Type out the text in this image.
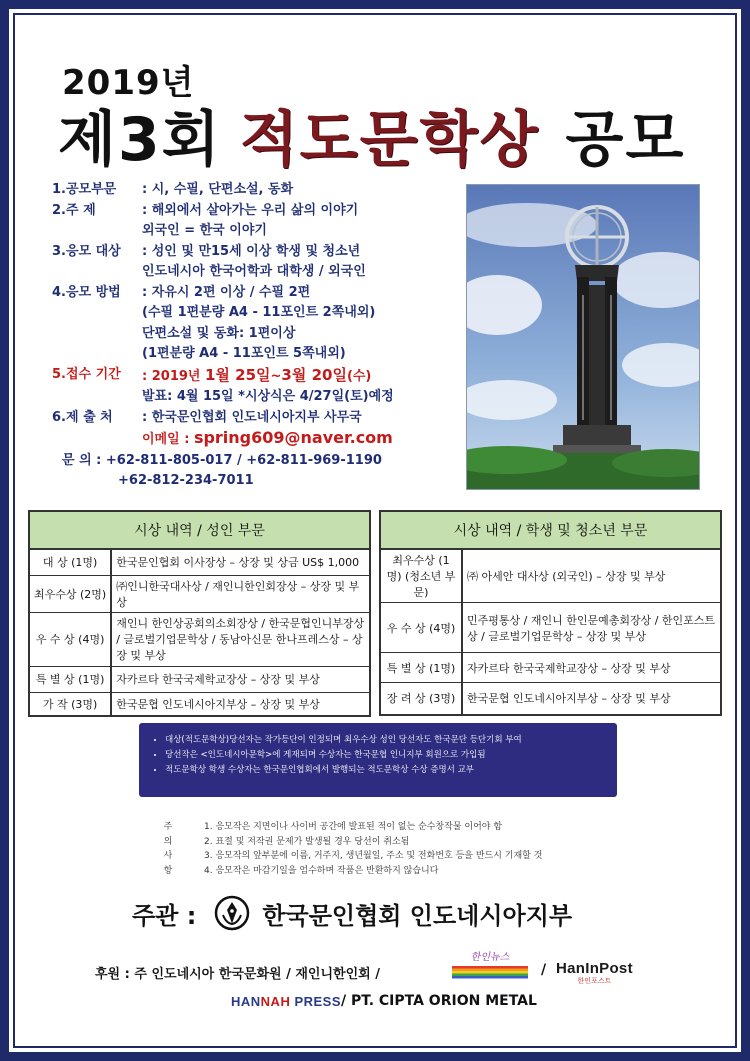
2019년
제3회 적도문학상 공모
1.공모부문	: 시, 수필, 단편소설, 동화
2.주 제	: 해외에서 살아가는 우리 삶의 이야기
외국인 = 한국 이야기
3.응모 대상	: 성인 및 만15세 이상 학생 및 청소년
인도네시아 한국어학과 대학생 / 외국인
4.응모 방법	: 자유시 2편 이상 / 수필 2편
(수필 1편분량 A4 - 11포인트 2쪽내외)
단편소설 및 동화: 1편이상
(1편분량 A4 - 11포인트 5쪽내외)
5.접수 기간	: 2019년 1월 25일~3월 20일(수)
발표: 4월 15일 *시상식은 4/27일(토)예정
6.제 출 처	: 한국문인협회 인도네시아지부 사무국
이메일 : spring609@naver.com
문 의 : +62-811-805-017 / +62-811-969-1190
+62-812-234-7011
시상 내역 / 성인 부문	
대 상 (1명)	한국문인협회 이사장상 – 상장 및 상금 US$ 1,000
최우수상 (2명)	㈜인니한국대사상 / 재인니한인회장상 – 상장 및 부상
우 수 상 (4명)	재인니 한인상공회의소회장상 / 한국문협인니부장상 / 글로벌기업문학상 / 동남아신문 한나프레스상 – 상장 및 부상
특 별 상 (1명)	자카르타 한국국제학교장상 – 상장 및 부상
가 작 (3명)	한국문협 인도네시아지부상 – 상장 및 부상
시상 내역 / 학생 및 청소년 부문	
최우수상 (1명) (청소년 부문)	㈜ 아세안 대사상 (외국인) – 상장 및 부상
우 수 상 (4명)	민주평통상 / 재인니 한인문예총회장상 / 한인포스트상 / 글로벌기업문학상 – 상장 및 부상
특 별 상 (1명)	자카르타 한국국제학교장상 – 상장 및 부상
장 려 상 (3명)	한국문협 인도네시아지부상 – 상장 및 부상
• 대상(적도문학상)당선자는 작가등단이 인정되며 최우수상 성인 당선자도 한국문단 등단기회 부여
• 당선작은 <인도네시아문학>에 게재되며 수상자는 한국문협 인니지부 회원으로 가입됨
• 적도문학상 학생 수상자는 한국문인협회에서 발행되는 적도문학상 수상 증명서 교부
주
의
사
항
1. 응모작은 지면이나 사이버 공간에 발표된 적이 없는 순수창작물 이어야 함
2. 표절 및 저작권 문제가 발생될 경우 당선이 취소됨
3. 응모작의 앞부분에 이름, 거주지, 생년월일, 주소 및 전화번호 등을 반드시 기재할 것
4. 응모작은 마감기일을 엄수하며 작품은 반환하지 않습니다
주관 :	한국문인협회 인도네시아지부
후원 : 주 인도네시아 한국문화원 / 재인니한인회 /
한인뉴스
/ HanInPost
한인포스트
HANNAH PRESS / PT. CIPTA ORION METAL
